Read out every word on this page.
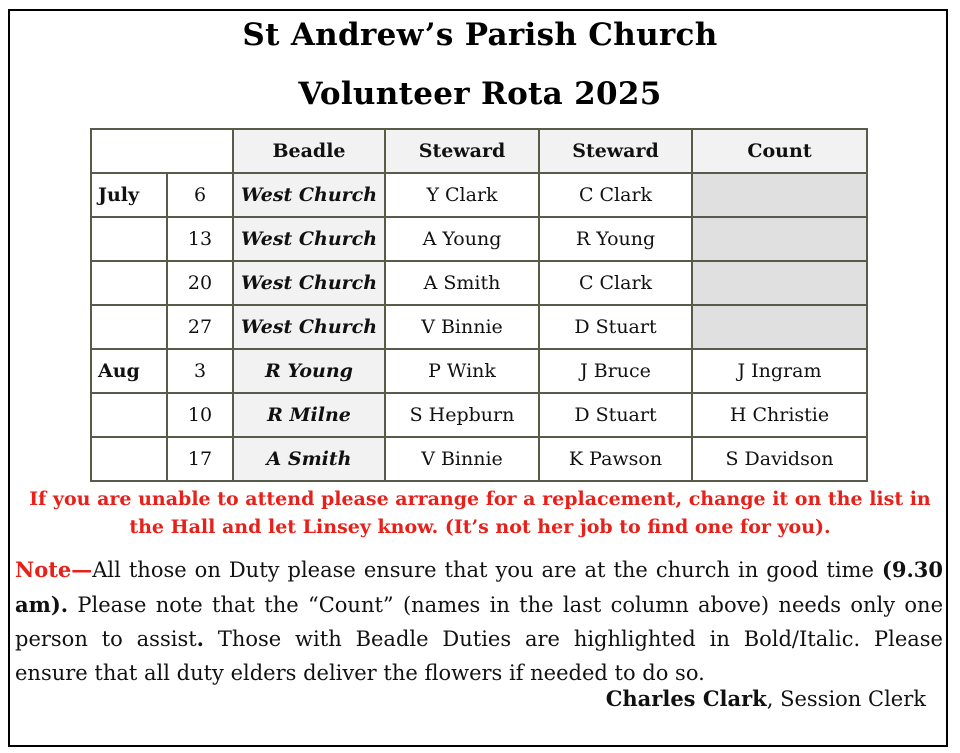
St Andrew’s Parish Church
Volunteer Rota 2025
		Beadle	Steward	Steward	Count
July	6	West Church	Y Clark	C Clark	
	13	West Church	A Young	R Young	
	20	West Church	A Smith	C Clark	
	27	West Church	V Binnie	D Stuart	
Aug	3	R Young	P Wink	J Bruce	J Ingram
	10	R Milne	S Hepburn	D Stuart	H Christie
	17	A Smith	V Binnie	K Pawson	S Davidson
If you are unable to attend please arrange for a replacement, change it on the list in
the Hall and let Linsey know. (It’s not her job to find one for you).
Note—All those on Duty please ensure that you are at the church in good time (9.30 am). Please note that the “Count” (names in the last column above) needs only one person to assist. Those with Beadle Duties are highlighted in Bold/Italic. Please ensure that all duty elders deliver the flowers if needed to do so.
Charles Clark, Session Clerk
